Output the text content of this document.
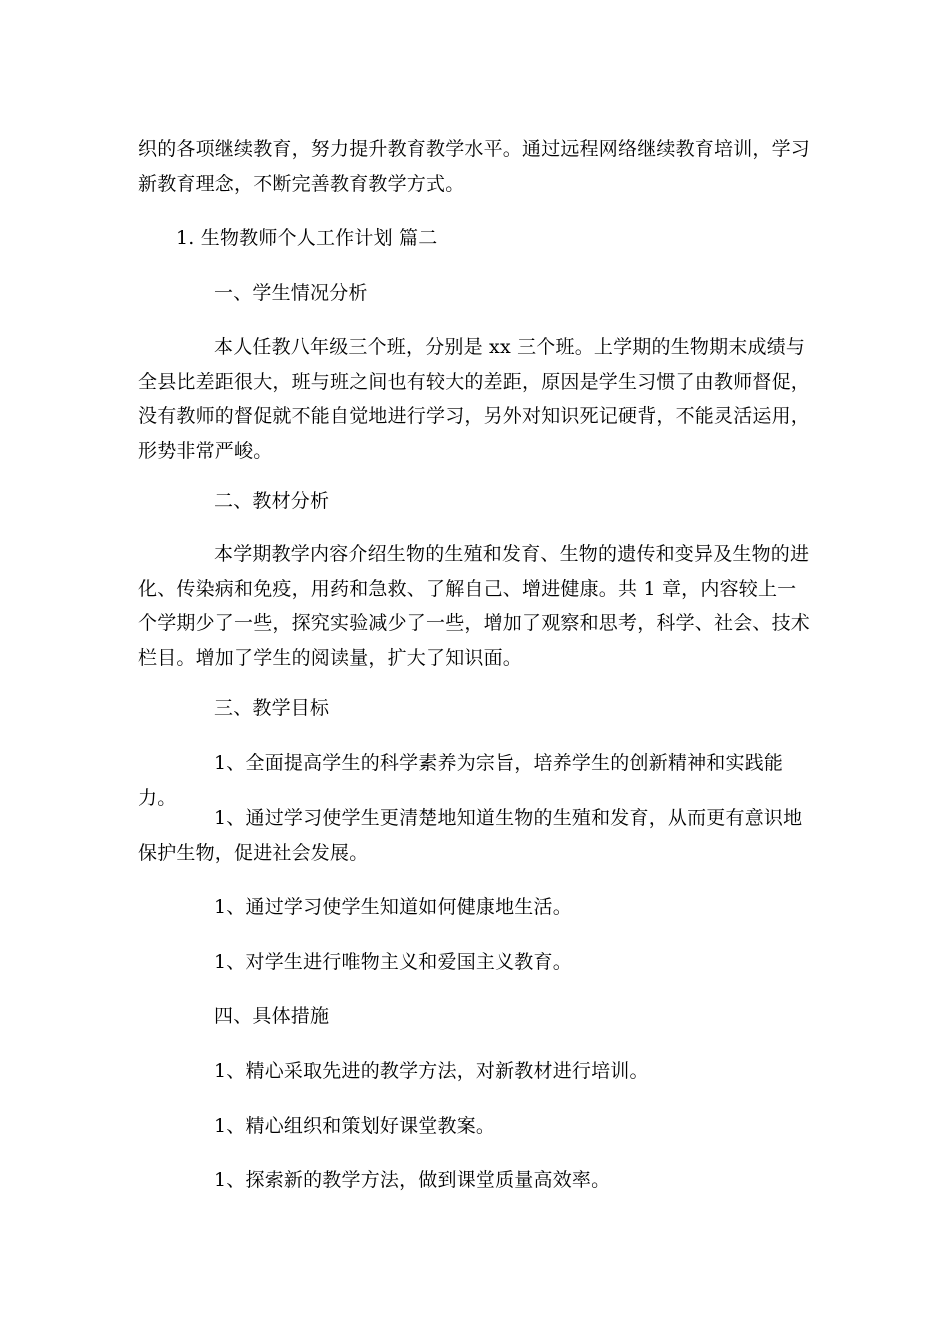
织的各项继续教育，努力提升教育教学水平。通过远程网络继续教育培训，学习新教育理念，不断完善教育教学方式。

1. 生物教师个人工作计划 篇二

一、学生情况分析

本人任教八年级三个班，分别是 xx 三个班。上学期的生物期末成绩与全县比差距很大，班与班之间也有较大的差距，原因是学生习惯了由教师督促，没有教师的督促就不能自觉地进行学习，另外对知识死记硬背，不能灵活运用，形势非常严峻。

二、教材分析

本学期教学内容介绍生物的生殖和发育、生物的遗传和变异及生物的进化、传染病和免疫，用药和急救、了解自己、增进健康。共 1 章，内容较上一个学期少了一些，探究实验减少了一些，增加了观察和思考，科学、社会、技术栏目。增加了学生的阅读量，扩大了知识面。

三、教学目标

1、全面提高学生的科学素养为宗旨，培养学生的创新精神和实践能力。

1、通过学习使学生更清楚地知道生物的生殖和发育，从而更有意识地保护生物，促进社会发展。

1、通过学习使学生知道如何健康地生活。

1、对学生进行唯物主义和爱国主义教育。

四、具体措施

1、精心采取先进的教学方法，对新教材进行培训。

1、精心组织和策划好课堂教案。

1、探索新的教学方法，做到课堂质量高效率。
